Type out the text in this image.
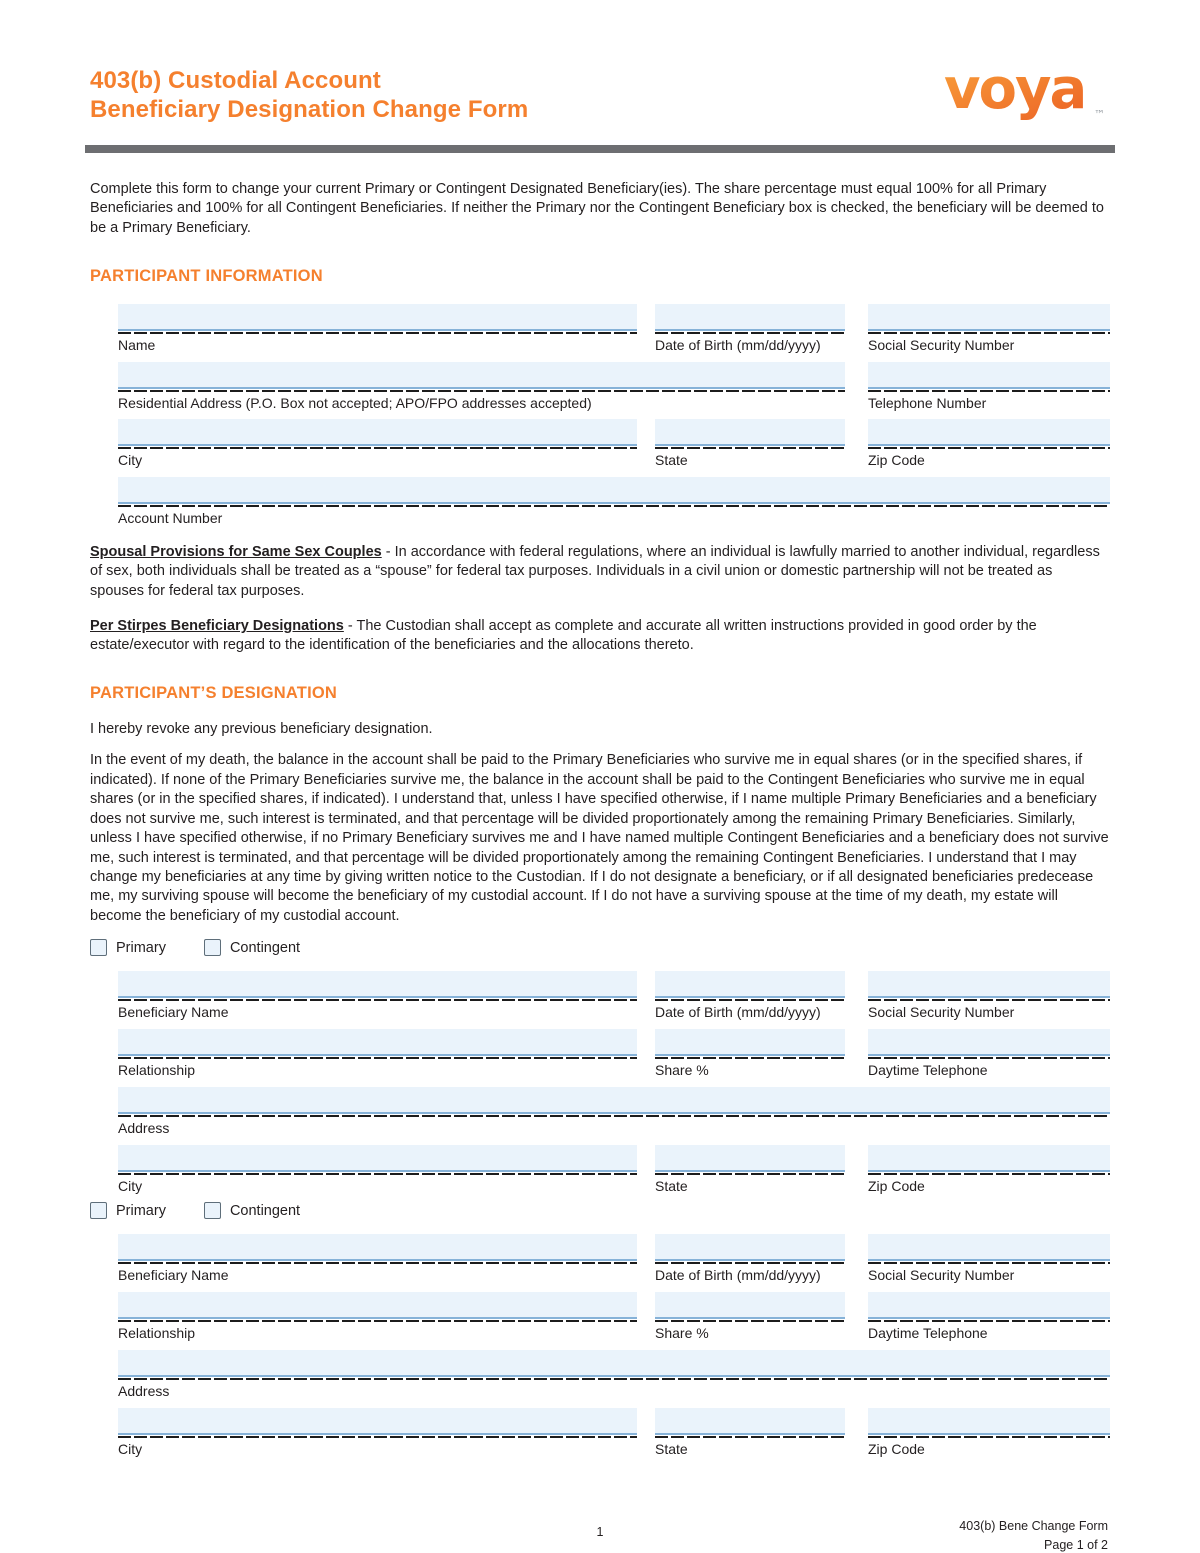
403(b) Custodial Account
Beneficiary Designation Change Form	voya ™

Complete this form to change your current Primary or Contingent Designated Beneficiary(ies). The share percentage must equal 100% for all Primary Beneficiaries and 100% for all Contingent Beneficiaries. If neither the Primary nor the Contingent Beneficiary box is checked, the beneficiary will be deemed to be a Primary Beneficiary.

PARTICIPANT INFORMATION
Name	Date of Birth (mm/dd/yyyy)	Social Security Number
Residential Address (P.O. Box not accepted; APO/FPO addresses accepted)	Telephone Number
City	State	Zip Code
Account Number

Spousal Provisions for Same Sex Couples - In accordance with federal regulations, where an individual is lawfully married to another individual, regardless of sex, both individuals shall be treated as a “spouse” for federal tax purposes. Individuals in a civil union or domestic partnership will not be treated as spouses for federal tax purposes.

Per Stirpes Beneficiary Designations - The Custodian shall accept as complete and accurate all written instructions provided in good order by the estate/executor with regard to the identification of the beneficiaries and the allocations thereto.

PARTICIPANT’S DESIGNATION

I hereby revoke any previous beneficiary designation.

In the event of my death, the balance in the account shall be paid to the Primary Beneficiaries who survive me in equal shares (or in the specified shares, if indicated). If none of the Primary Beneficiaries survive me, the balance in the account shall be paid to the Contingent Beneficiaries who survive me in equal shares (or in the specified shares, if indicated). I understand that, unless I have specified otherwise, if I name multiple Primary Beneficiaries and a beneficiary does not survive me, such interest is terminated, and that percentage will be divided proportionately among the remaining Primary Beneficiaries. Similarly, unless I have specified otherwise, if no Primary Beneficiary survives me and I have named multiple Contingent Beneficiaries and a beneficiary does not survive me, such interest is terminated, and that percentage will be divided proportionately among the remaining Contingent Beneficiaries. I understand that I may change my beneficiaries at any time by giving written notice to the Custodian. If I do not designate a beneficiary, or if all designated beneficiaries predecease me, my surviving spouse will become the beneficiary of my custodial account. If I do not have a surviving spouse at the time of my death, my estate will become the beneficiary of my custodial account.

Primary	Contingent
Beneficiary Name	Date of Birth (mm/dd/yyyy)	Social Security Number
Relationship	Share %	Daytime Telephone
Address
City	State	Zip Code
Primary	Contingent
Beneficiary Name	Date of Birth (mm/dd/yyyy)	Social Security Number
Relationship	Share %	Daytime Telephone
Address
City	State	Zip Code
1	403(b) Bene Change Form
Page 1 of 2
